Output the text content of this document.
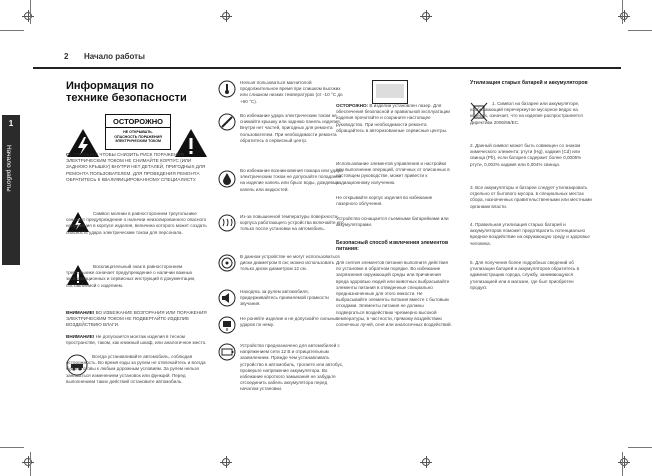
2 Начало работы
1
Начало работы
Информация по
технике безопасности
ОСТОРОЖНО
НЕ ОТКРЫВАТЬ.
ОПАСНОСТЬ ПОРАЖЕНИЯ
ЭЛЕКТРИЧЕСКИМ ТОКОМ
ОСТОРОЖНО: ЧТОБЫ СНИЗИТЬ РИСК ПОРАЖЕНИЯ ЭЛЕКТРИЧЕСКИМ ТОКОМ НЕ СНИМАЙТЕ КОРПУС (ИЛИ ЗАДНЮЮ КРЫШКУ) ВНУТРИ НЕТ ДЕТАЛЕЙ, ПРИГОДНЫХ ДЛЯ РЕМОНТА ПОЛЬЗОВАТЕЛЕМ. ДЛЯ ПРОВЕДЕНИЯ РЕМОНТА ОБРАТИТЕСЬ К КВАЛИФИЦИРОВАННОМУ СПЕЦИАЛИСТУ.
Символ молнии в равностороннем треугольнике означает предупреждение о наличии неизолированного опасного напряжения в корпусе изделия, величина которого может создать опасность удара электрическим током для персонала.
Восклицательный знак в равностороннем треугольнике означает предупреждение о наличии важных эксплуатационных и сервисных инструкций в документации, поставляемой с изделием.
ВНИМАНИЕ! ВО ИЗБЕЖАНИЕ ВОЗГОРАНИЯ ИЛИ ПОРАЖЕНИЯ ЭЛЕКТРИЧЕСКИМ ТОКОМ НЕ ПОДВЕРГАЙТЕ ИЗДЕЛИЕ ВОЗДЕЙСТВИЮ ВЛАГИ.
ВНИМАНИЕ! Не допускается монтаж изделия в тесном пространстве, таком, как книжный шкаф, или аналогичное место.
Всегда устанавливайте автомобиль, соблюдая осторожность. Во время езды за рулем не отвлекайтесь и всегда будьте готовы к любым дорожным условиям. За рулем нельзя заниматься изменением установок или функций. Перед выполнением таких действий остановите автомобиль.
Нельзя пользоваться магнитолой продолжительное время при слишком высоких или слишком низких температурах (от -10 °C до +60 °C).
Во избежание удара электрическим током не снимайте крышку или заднюю панель изделия. Внутри нет частей, пригодных для ремонта пользователем. При необходимости ремонта обратитесь в сервисный центр.
Во избежание возникновения пожара или удара электрическим током не допускайте попадания на изделие капель или брызг воды, дождевых капель или жидкостей.
Из-за повышенной температуры поверхности корпуса работающего устройства включайте его только после установки на автомобиль.
В данном устройстве не могут использоваться диски диаметром 8 см; можно использовать только диски диаметром 12 см.
Находясь за рулем автомобиля, придерживайтесь приемлемой громкости звучания.
Не роняйте изделие и не допускайте сильных ударов по нему.
Устройство предназначено для автомобилей с напряжением сети 12 В и отрицательным заземлением. Прежде чем устанавливать устройство в автомобиль, трогаете или автобус, проверьте напряжение аккумулятора. Во избежание короткого замыкания не забудьте отсоединить кабель аккумулятора перед началом установки.
ОСТОРОЖНО: В изделии установлен лазер. Для обеспечения безопасной и правильной эксплуатации изделия прочитайте и сохраните настоящее руководство. При необходимости ремонта обращайтесь в авторизованные сервисные центры.
Использование элементов управления и настройки или выполнение операций, отличных от описанных в настоящем руководстве, может привести к радиационному излучению.
Не открывайте корпус изделия во избежание лазерного облучения.
Устройство оснащается съемными батарейками или аккумуляторами.
Безопасный способ извлечения элементов питания:
Для снятия элементов питания выполните действия по установке в обратном порядке. Во избежание загрязнения окружающей среды или причинения вреда здоровью людей или животных выбрасывайте элементы питания в отведенные специально предназначенные для этого емкости. Не выбрасывайте элементы питания вместе с бытовым отходами. Элементы питания не должны подвергаться воздействию чрезмерно высокой температуры, в частности, прямому воздействию солнечных лучей, огня или аналогичных воздействий.
Утилизация старых батарей и аккумуляторов
1. Символ на батарее или аккумуляторе, изображающий перечеркнутое мусорное ведро на колесах, означает, что на изделие распространяется Директива 2006/66/ЕС.
2. Данный символ может быть совмещен со знаком химического элемента: ртути (Hg), кадмия (Cd) или свинца (Pb), если батарея содержит более 0,0005% ртути, 0,002% кадмия или 0,004% свинца.
3. Все аккумуляторы и батареи следует утилизировать отдельно от бытового мусора, в специальных местах сбора, назначенных правительственными или местными органами власти.
4. Правильная утилизация старых батарей и аккумуляторов поможет предотвратить потенциально вредное воздействие на окружающую среду и здоровье человека.
5. Для получения более подробных сведений об утилизации батарей и аккумуляторов обратитесь в администрацию города, службу, занимающуюся утилизацией или в магазин, где был приобретен продукт.
